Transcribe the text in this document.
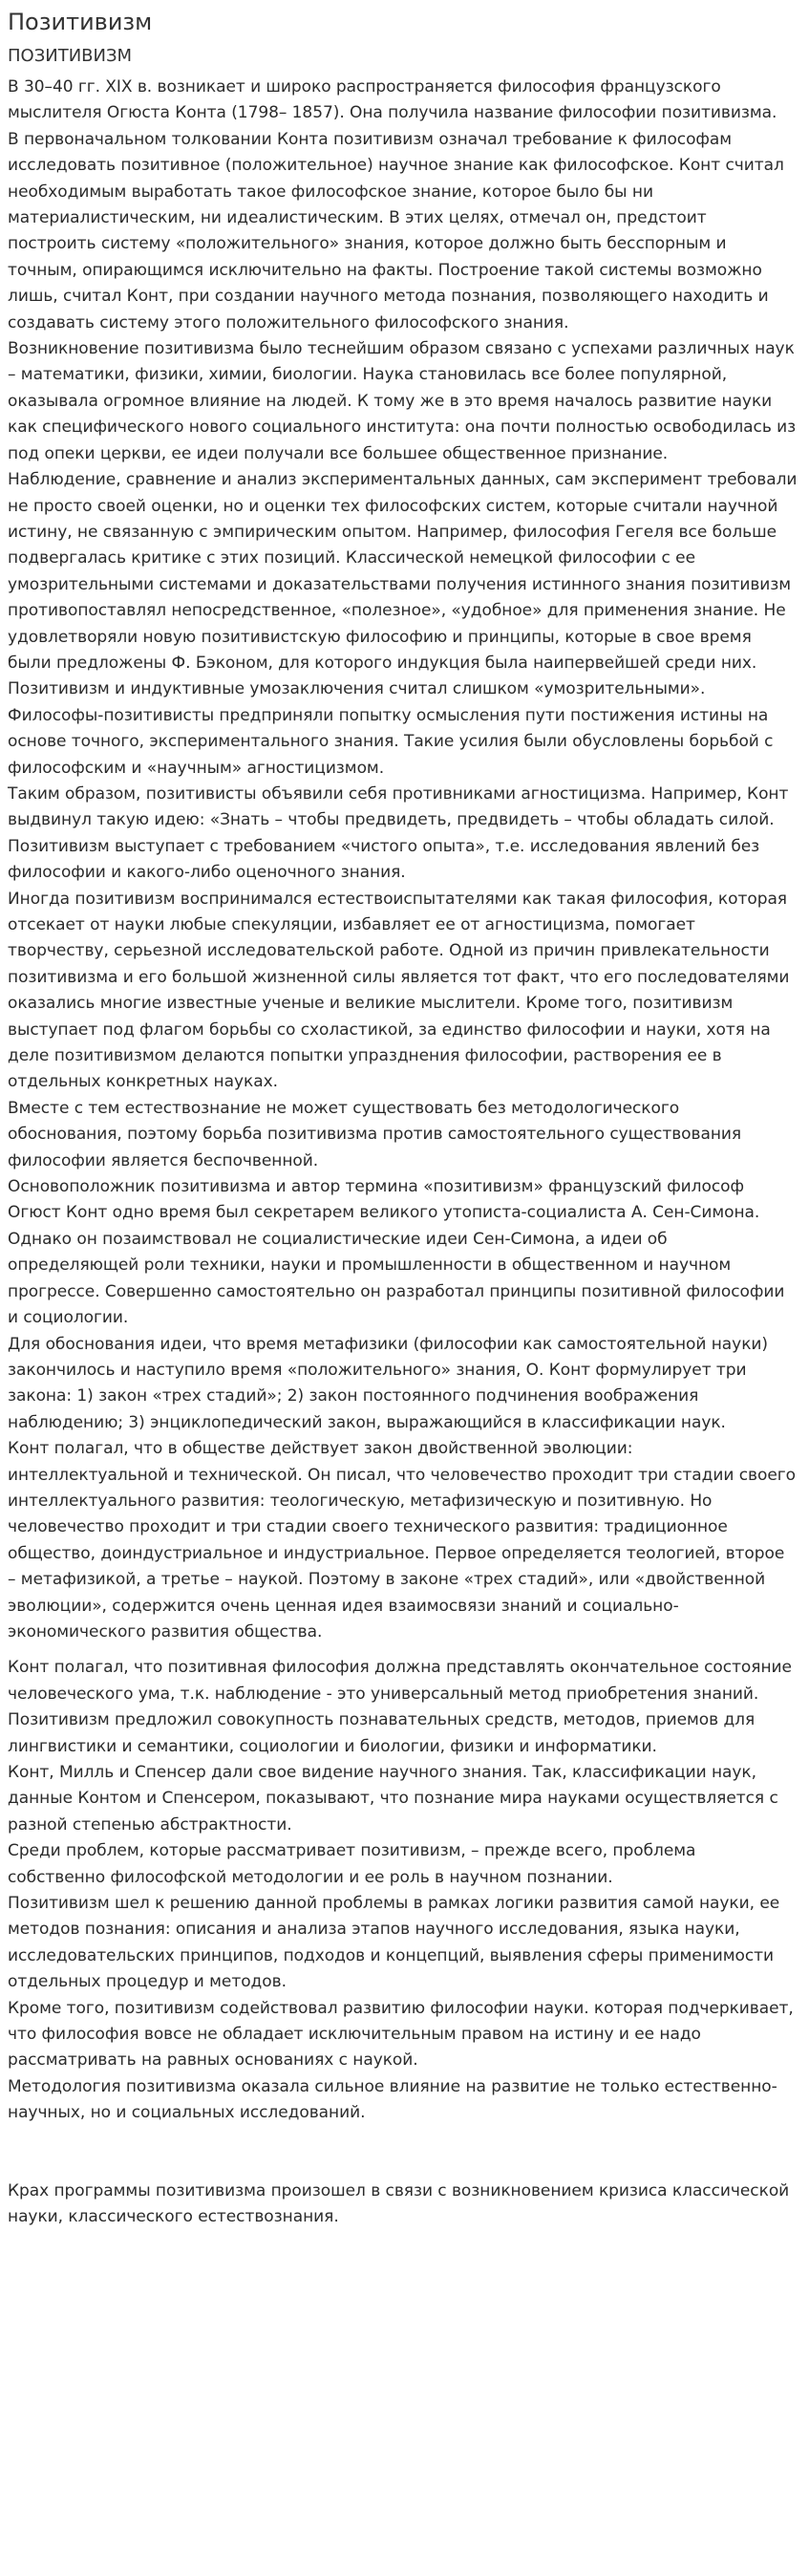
Позитивизм
ПОЗИТИВИЗМ

В 30–40 гг. XIX в. возникает и широко распространяется философия французского мыслителя Огюста Конта (1798– 1857). Она получила название философии позитивизма.

В первоначальном толковании Конта позитивизм означал требование к философам исследовать позитивное (положительное) научное знание как философское. Конт считал необходимым выработать такое философское знание, которое было бы ни материалистическим, ни идеалистическим. В этих целях, отмечал он, предстоит построить систему «положительного» знания, которое должно быть бесспорным и точным, опирающимся исключительно на факты. Построение такой системы возможно лишь, считал Конт, при создании научного метода познания, позволяющего находить и создавать систему этого положительного философского знания.

Возникновение позитивизма было теснейшим образом связано с успехами различных наук – математики, физики, химии, биологии. Наука становилась все более популярной, оказывала огромное влияние на людей. К тому же в это время началось развитие науки как специфического нового социального института: она почти полностью освободилась из под опеки церкви, ее идеи получали все большее общественное признание.

Наблюдение, сравнение и анализ экспериментальных данных, сам эксперимент требовали не просто своей оценки, но и оценки тех философских систем, которые считали научной истину, не связанную с эмпирическим опытом. Например, философия Гегеля все больше подвергалась критике с этих позиций. Классической немецкой философии с ее умозрительными системами и доказательствами получения истинного знания позитивизм противопоставлял непосредственное, «полезное», «удобное» для применения знание. Не удовлетворяли новую позитивистскую философию и принципы, которые в свое время были предложены Ф. Бэконом, для которого индукция была наипервейшей среди них. Позитивизм и индуктивные умозаключения считал слишком «умозрительными».

Философы-позитивисты предприняли попытку осмысления пути постижения истины на основе точного, экспериментального знания. Такие усилия были обусловлены борьбой с философским и «научным» агностицизмом.

Таким образом, позитивисты объявили себя противниками агностицизма. Например, Конт выдвинул такую идею: «Знать – чтобы предвидеть, предвидеть – чтобы обладать силой. Позитивизм выступает с требованием «чистого опыта», т.е. исследования явлений без философии и какого-либо оценочного знания.

Иногда позитивизм воспринимался естествоиспытателями как такая философия, которая отсекает от науки любые спекуляции, избавляет ее от агностицизма, помогает творчеству, серьезной исследовательской работе. Одной из причин привлекательности позитивизма и его большой жизненной силы является тот факт, что его последователями оказались многие известные ученые и великие мыслители. Кроме того, позитивизм выступает под флагом борьбы со схоластикой, за единство философии и науки, хотя на деле позитивизмом делаются попытки упразднения философии, растворения ее в отдельных конкретных науках.

Вместе с тем естествознание не может существовать без методологического обоснования, поэтому борьба позитивизма против самостоятельного существования философии является беспочвенной.

Основоположник позитивизма и автор термина «позитивизм» французский философ Огюст Конт одно время был секретарем великого утописта-социалиста А. Сен-Симона. Однако он позаимствовал не социалистические идеи Сен-Симона, а идеи об определяющей роли техники, науки и промышленности в общественном и научном прогрессе. Совершенно самостоятельно он разработал принципы позитивной философии и социологии.

Для обоснования идеи, что время метафизики (философии как самостоятельной науки) закончилось и наступило время «положительного» знания, О. Конт формулирует три закона: 1) закон «трех стадий»; 2) закон постоянного подчинения воображения наблюдению; 3) энциклопедический закон, выражающийся в классификации наук.

Конт полагал, что в обществе действует закон двойственной эволюции: интеллектуальной и технической. Он писал, что человечество проходит три стадии своего интеллектуального развития: теологическую, метафизическую и позитивную. Но человечество проходит и три стадии своего технического развития: традиционное общество, доиндустриальное и индустриальное. Первое определяется теологией, второе – метафизикой, а третье – наукой. Поэтому в законе «трех стадий», или «двойственной эволюции», содержится очень ценная идея взаимосвязи знаний и социально-экономического развития общества.

Конт полагал, что позитивная философия должна представлять окончательное состояние человеческого ума, т.к. наблюдение - это универсальный метод приобретения знаний. Позитивизм предложил совокупность познавательных средств, методов, приемов для лингвистики и семантики, социологии и биологии, физики и информатики.

Конт, Милль и Спенсер дали свое видение научного знания. Так, классификации наук, данные Контом и Спенсером, показывают, что познание мира науками осуществляется с разной степенью абстрактности.

Среди проблем, которые рассматривает позитивизм, – прежде всего, проблема собственно философской методологии и ее роль в научном познании.

Позитивизм шел к решению данной проблемы в рамках логики развития самой науки, ее методов познания: описания и анализа этапов научного исследования, языка науки, исследовательских принципов, подходов и концепций, выявления сферы применимости отдельных процедур и методов.

Кроме того, позитивизм содействовал развитию философии науки. которая подчеркивает, что философия вовсе не обладает исключительным правом на истину и ее надо рассматривать на равных основаниях с наукой.

Методология позитивизма оказала сильное влияние на развитие не только естественно-научных, но и социальных исследований.

Крах программы позитивизма произошел в связи с возникновением кризиса классической науки, классического естествознания.
